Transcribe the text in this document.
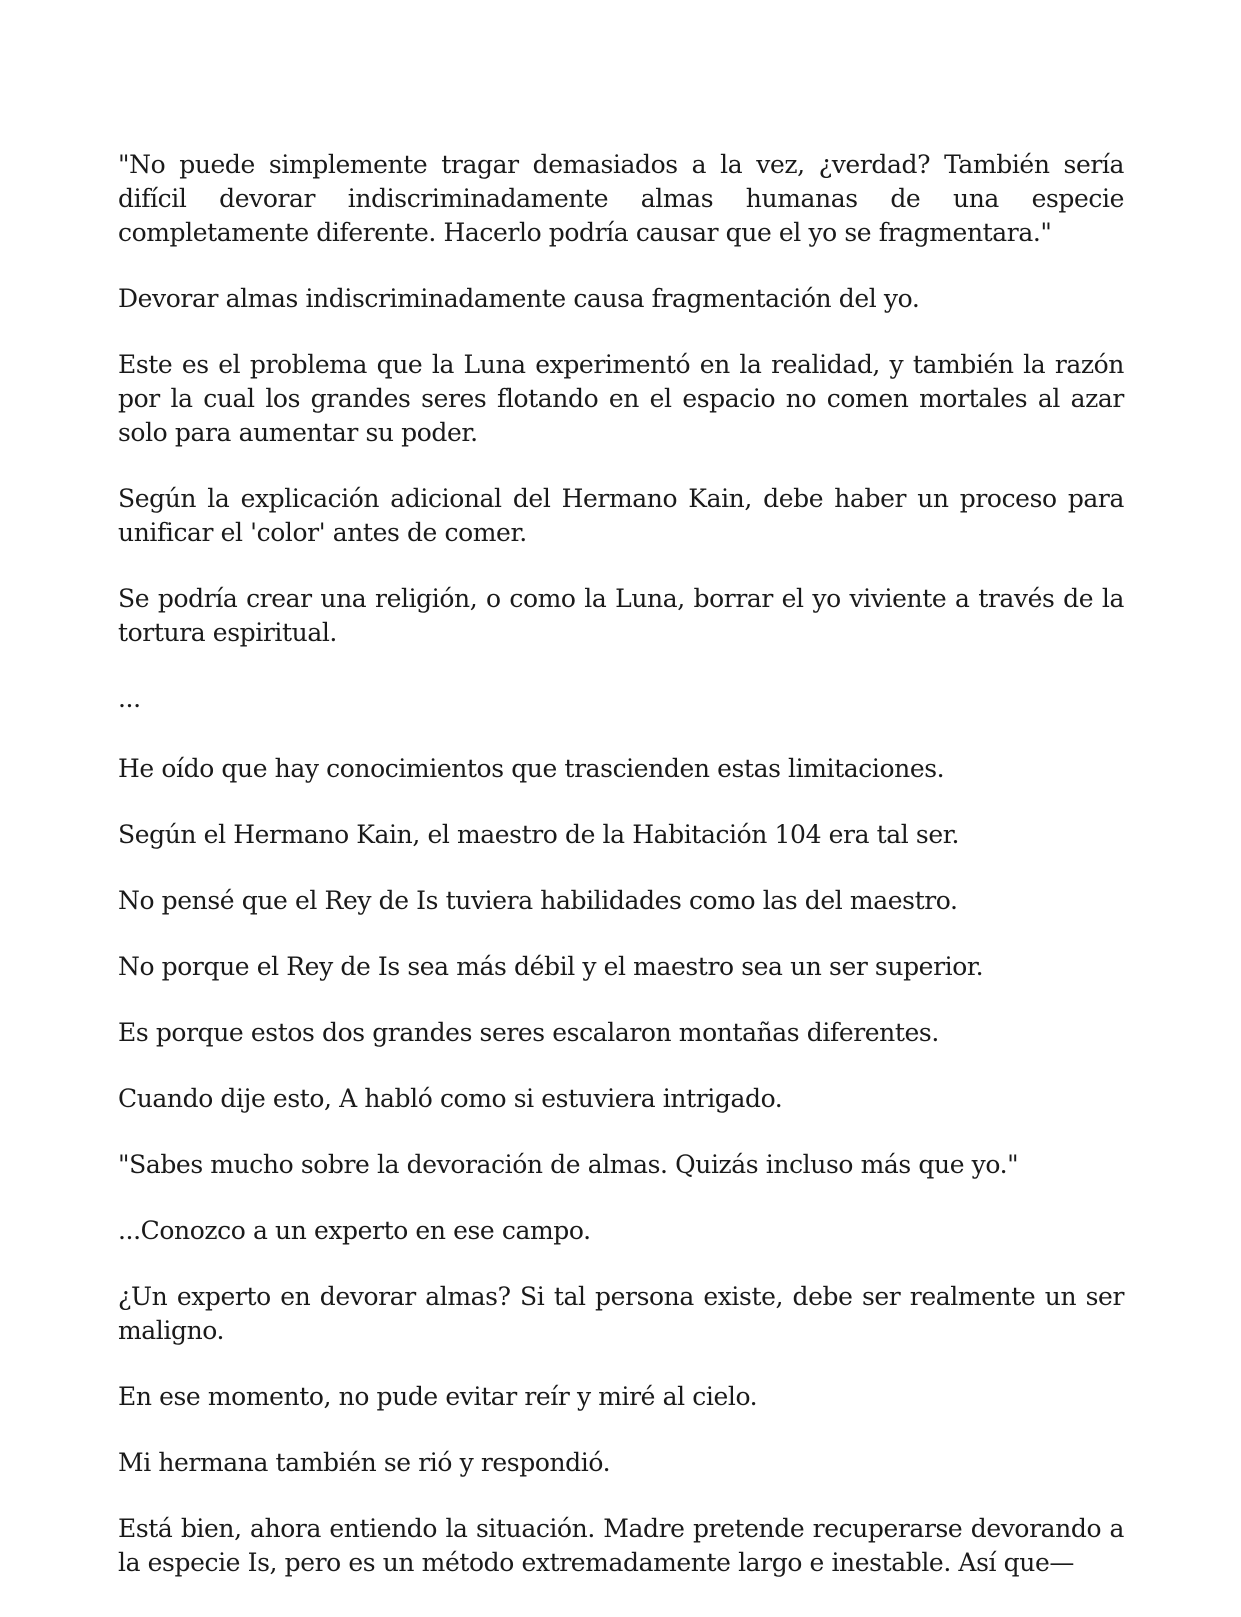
"No puede simplemente tragar demasiados a la vez, ¿verdad? También sería difícil devorar indiscriminadamente almas humanas de una especie completamente diferente. Hacerlo podría causar que el yo se fragmentara."

Devorar almas indiscriminadamente causa fragmentación del yo.

Este es el problema que la Luna experimentó en la realidad, y también la razón por la cual los grandes seres flotando en el espacio no comen mortales al azar solo para aumentar su poder.

Según la explicación adicional del Hermano Kain, debe haber un proceso para unificar el 'color' antes de comer.

Se podría crear una religión, o como la Luna, borrar el yo viviente a través de la tortura espiritual.

...

He oído que hay conocimientos que trascienden estas limitaciones.

Según el Hermano Kain, el maestro de la Habitación 104 era tal ser.

No pensé que el Rey de Is tuviera habilidades como las del maestro.

No porque el Rey de Is sea más débil y el maestro sea un ser superior.

Es porque estos dos grandes seres escalaron montañas diferentes.

Cuando dije esto, A habló como si estuviera intrigado.

"Sabes mucho sobre la devoración de almas. Quizás incluso más que yo."

...Conozco a un experto en ese campo.

¿Un experto en devorar almas? Si tal persona existe, debe ser realmente un ser maligno.

En ese momento, no pude evitar reír y miré al cielo.

Mi hermana también se rió y respondió.

Está bien, ahora entiendo la situación. Madre pretende recuperarse devorando a la especie Is, pero es un método extremadamente largo e inestable. Así que—
